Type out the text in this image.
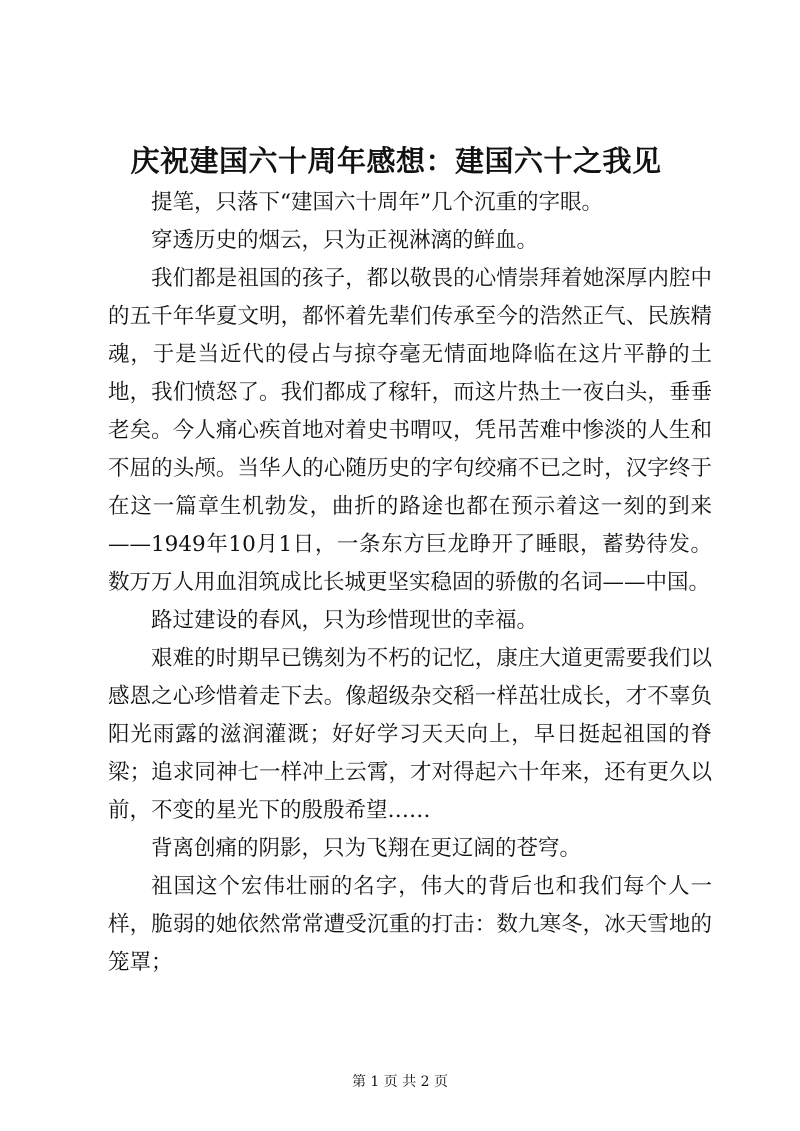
庆祝建国六十周年感想：建国六十之我见

提笔，只落下“建国六十周年”几个沉重的字眼。

穿透历史的烟云，只为正视淋漓的鲜血。

我们都是祖国的孩子，都以敬畏的心情崇拜着她深厚内腔中的五千年华夏文明，都怀着先辈们传承至今的浩然正气、民族精魂，于是当近代的侵占与掠夺毫无情面地降临在这片平静的土地，我们愤怒了。我们都成了稼轩，而这片热土一夜白头，垂垂老矣。今人痛心疾首地对着史书喟叹，凭吊苦难中惨淡的人生和不屈的头颅。当华人的心随历史的字句绞痛不已之时，汉字终于在这一篇章生机勃发，曲折的路途也都在预示着这一刻的到来——1949年10月1日，一条东方巨龙睁开了睡眼，蓄势待发。数万万人用血泪筑成比长城更坚实稳固的骄傲的名词——中国。

路过建设的春风，只为珍惜现世的幸福。

艰难的时期早已镌刻为不朽的记忆，康庄大道更需要我们以感恩之心珍惜着走下去。像超级杂交稻一样茁壮成长，才不辜负阳光雨露的滋润灌溉；好好学习天天向上，早日挺起祖国的脊梁；追求同神七一样冲上云霄，才对得起六十年来，还有更久以前，不变的星光下的殷殷希望……

背离创痛的阴影，只为飞翔在更辽阔的苍穹。

祖国这个宏伟壮丽的名字，伟大的背后也和我们每个人一样，脆弱的她依然常常遭受沉重的打击：数九寒冬，冰天雪地的笼罩；

第 1 页 共 2 页
